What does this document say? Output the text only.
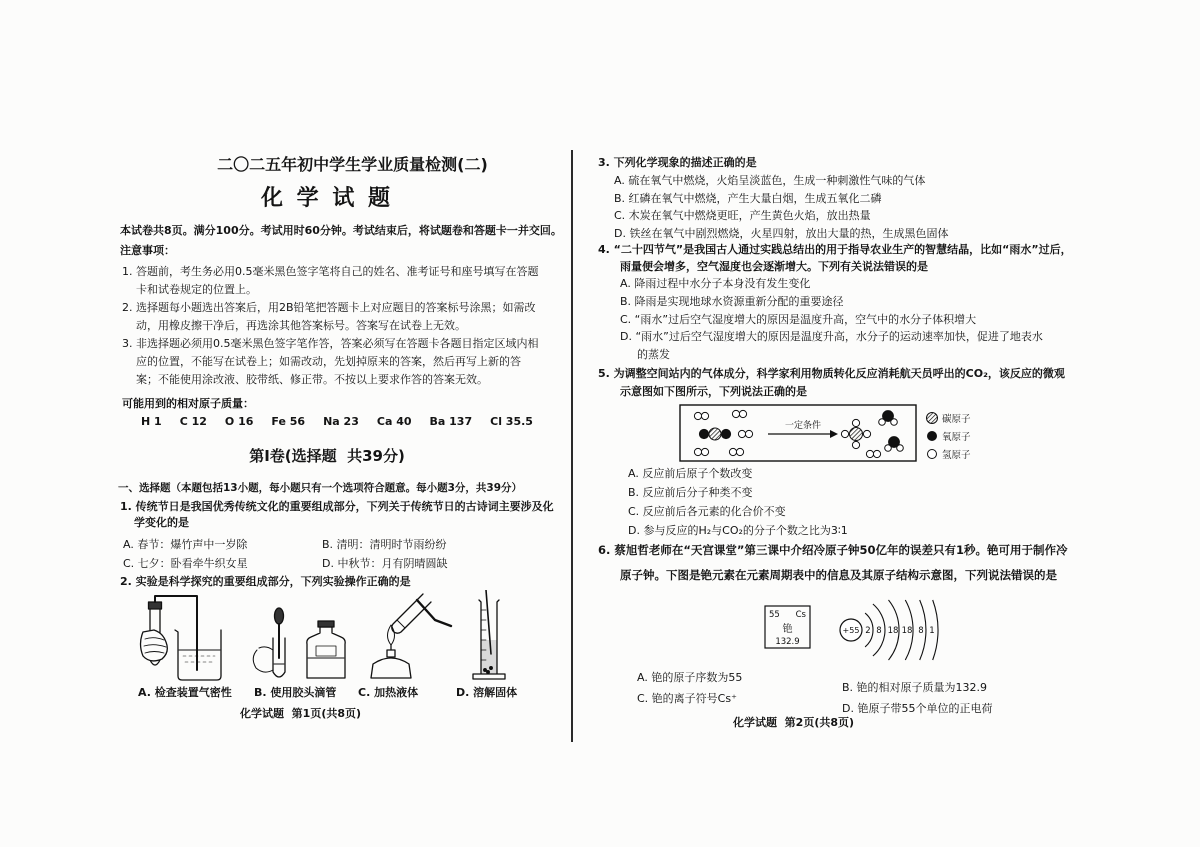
二〇二五年初中学生学业质量检测(二)
化 学 试 题
本试卷共8页。满分100分。考试用时60分钟。考试结束后，将试题卷和答题卡一并交回。
注意事项：
1. 答题前，考生务必用0.5毫米黑色签字笔将自己的姓名、准考证号和座号填写在答题卡和试卷规定的位置上。
2. 选择题每小题选出答案后，用2B铅笔把答题卡上对应题目的答案标号涂黑；如需改动，用橡皮擦干净后，再选涂其他答案标号。答案写在试卷上无效。
3. 非选择题必须用0.5毫米黑色签字笔作答，答案必须写在答题卡各题目指定区域内相应的位置，不能写在试卷上；如需改动，先划掉原来的答案，然后再写上新的答案；不能使用涂改液、胶带纸、修正带。不按以上要求作答的答案无效。
可能用到的相对原子质量：
H 1 C 12 O 16 Fe 56 Na 23 Ca 40 Ba 137 Cl 35.5
第Ⅰ卷(选择题  共39分)
一、选择题（本题包括13小题，每小题只有一个选项符合题意。每小题3分，共39分）
1. 传统节日是我国优秀传统文化的重要组成部分，下列关于传统节日的古诗词主要涉及化学变化的是
A. 春节：爆竹声中一岁除	B. 清明：清明时节雨纷纷
C. 七夕：卧看牵牛织女星	D. 中秋节：月有阴晴圆缺
2. 实验是科学探究的重要组成部分，下列实验操作正确的是
A. 检查装置气密性 B. 使用胶头滴管 C. 加热液体	D. 溶解固体
化学试题  第1页(共8页)
3. 下列化学现象的描述正确的是
A. 硫在氧气中燃烧，火焰呈淡蓝色，生成一种刺激性气味的气体
B. 红磷在氧气中燃烧，产生大量白烟，生成五氧化二磷
C. 木炭在氧气中燃烧更旺，产生黄色火焰，放出热量
D. 铁丝在氧气中剧烈燃烧，火星四射，放出大量的热，生成黑色固体
4. “二十四节气”是我国古人通过实践总结出的用于指导农业生产的智慧结晶，比如“雨水”过后，雨量便会增多，空气湿度也会逐渐增大。下列有关说法错误的是
A. 降雨过程中水分子本身没有发生变化
B. 降雨是实现地球水资源重新分配的重要途径
C. “雨水”过后空气湿度增大的原因是温度升高，空气中的水分子体积增大
D. “雨水”过后空气湿度增大的原因是温度升高，水分子的运动速率加快，促进了地表水的蒸发
5. 为调整空间站内的气体成分，科学家利用物质转化反应消耗航天员呼出的CO₂，该反应的微观示意图如下图所示，下列说法正确的是
一定条件
碳原子
氧原子
氢原子
A. 反应前后原子个数改变
B. 反应前后分子种类不变
C. 反应前后各元素的化合价不变
D. 参与反应的H₂与CO₂的分子个数之比为3∶1
6. 蔡旭哲老师在“天宫课堂”第三课中介绍冷原子钟50亿年的误差只有1秒。铯可用于制作冷原子钟。下图是铯元素在元素周期表中的信息及其原子结构示意图，下列说法错误的是
55 Cs
铯
132.9
+55 2 8 18 18 8 1
A. 铯的原子序数为55
B. 铯的相对原子质量为132.9
C. 铯的离子符号Cs⁺
D. 铯原子带55个单位的正电荷
化学试题  第2页(共8页)
